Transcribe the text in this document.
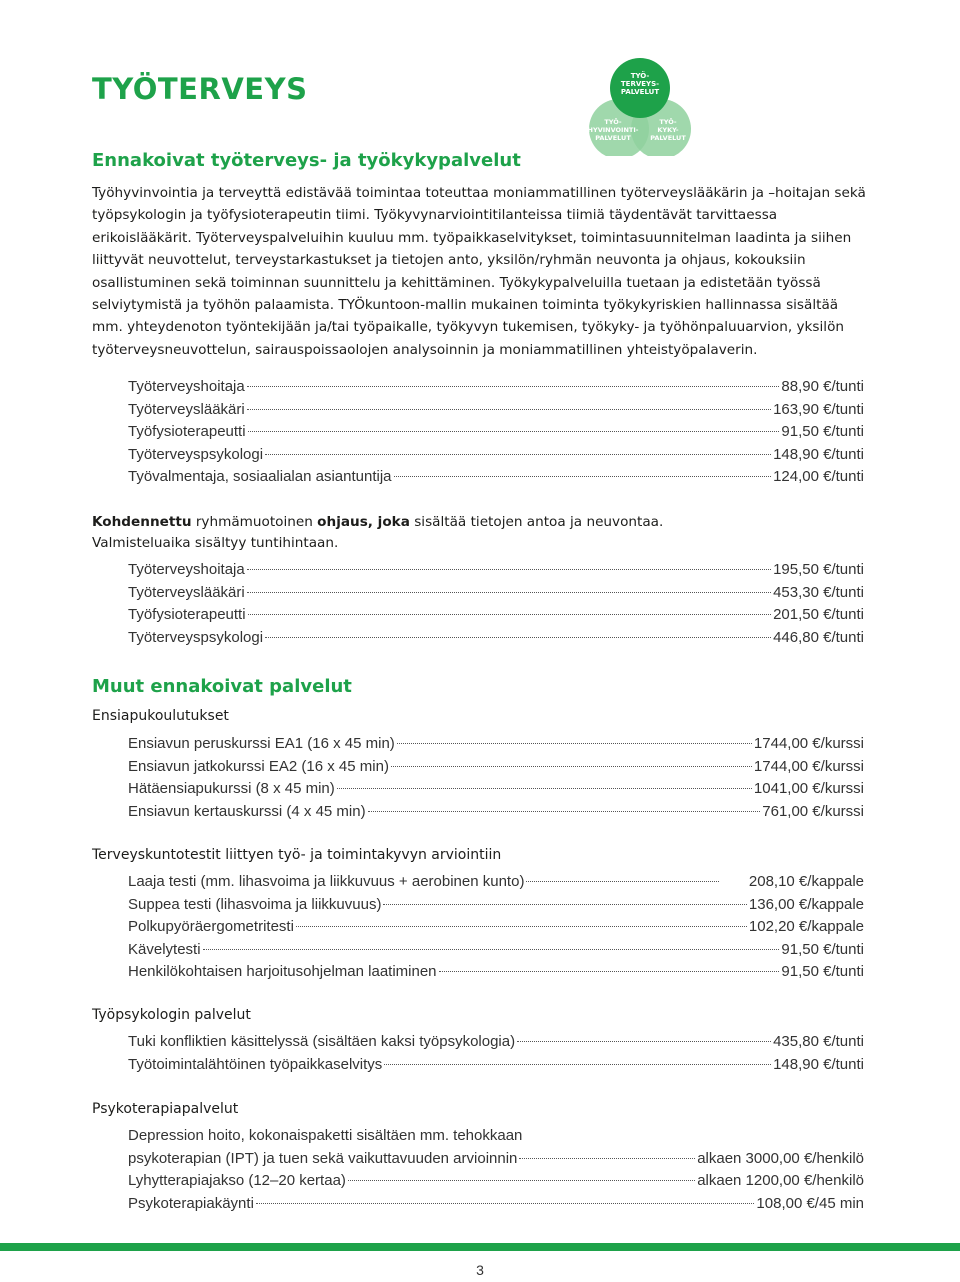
TYÖTERVEYS	TYÖ-TERVEYS-PALVELUT
TYÖ-HYVINVOINTI-PALVELUT
TYÖ-KYKY-PALVELUT
Ennakoivat työterveys- ja työkykypalvelut

Työhyvinvointia ja terveyttä edistävää toimintaa toteuttaa moniammatillinen työterveyslääkärin ja –hoitajan sekä työpsykologin ja työfysioterapeutin tiimi. Työkyvynarviointitilanteissa tiimiä täydentävät tarvittaessa erikoislääkärit. Työterveyspalveluihin kuuluu mm. työpaikkaselvitykset, toimintasuunnitelman laadinta ja siihen liittyvät neuvottelut, terveystarkastukset ja tietojen anto, yksilön/ryhmän neuvonta ja ohjaus, kokouksiin osallistuminen sekä toiminnan suunnittelu ja kehittäminen. Työkykypalveluilla tuetaan ja edistetään työssä selviytymistä ja työhön palaamista. TYÖkuntoon-mallin mukainen toiminta työkykyriskien hallinnassa sisältää mm. yhteydenoton työntekijään ja/tai työpaikalle, työkyvyn tukemisen, työkyky- ja työhönpaluuarvion, yksilön työterveysneuvottelun, sairauspoissaolojen analysoinnin ja moniammatillinen yhteistyöpalaverin.

Työterveyshoitaja	88,90 €/tunti
Työterveyslääkäri	163,90 €/tunti
Työfysioterapeutti	91,50 €/tunti
Työterveyspsykologi	148,90 €/tunti
Työvalmentaja, sosiaalialan asiantuntija	124,00 €/tunti

Kohdennettu ryhmämuotoinen ohjaus, joka sisältää tietojen antoa ja neuvontaa.
Valmisteluaika sisältyy tuntihintaan.

Työterveyshoitaja	195,50 €/tunti
Työterveyslääkäri	453,30 €/tunti
Työfysioterapeutti	201,50 €/tunti
Työterveyspsykologi	446,80 €/tunti
Muut ennakoivat palvelut
Ensiapukoulutukset
Ensiavun peruskurssi EA1 (16 x 45 min)	1744,00 €/kurssi
Ensiavun jatkokurssi EA2 (16 x 45 min)	1744,00 €/kurssi
Hätäensiapukurssi (8 x 45 min)	1041,00 €/kurssi
Ensiavun kertauskurssi (4 x 45 min)	761,00 €/kurssi
Terveyskuntotestit liittyen työ- ja toimintakyvyn arviointiin
Laaja testi (mm. lihasvoima ja liikkuvuus + aerobinen kunto)	208,10 €/kappale
Suppea testi (lihasvoima ja liikkuvuus)	136,00 €/kappale
Polkupyöräergometritesti	102,20 €/kappale
Kävelytesti	91,50 €/tunti
Henkilökohtaisen harjoitusohjelman laatiminen	91,50 €/tunti
Työpsykologin palvelut
Tuki konfliktien käsittelyssä (sisältäen kaksi työpsykologia)	435,80 €/tunti
Työtoimintalähtöinen työpaikkaselvitys	148,90 €/tunti
Psykoterapiapalvelut
Depression hoito, kokonaispaketti sisältäen mm. tehokkaan
psykoterapian (IPT) ja tuen sekä vaikuttavuuden arvioinnin	alkaen 3000,00 €/henkilö
Lyhytterapiajakso (12–20 kertaa)	alkaen 1200,00 €/henkilö
Psykoterapiakäynti	108,00 €/45 min
3
